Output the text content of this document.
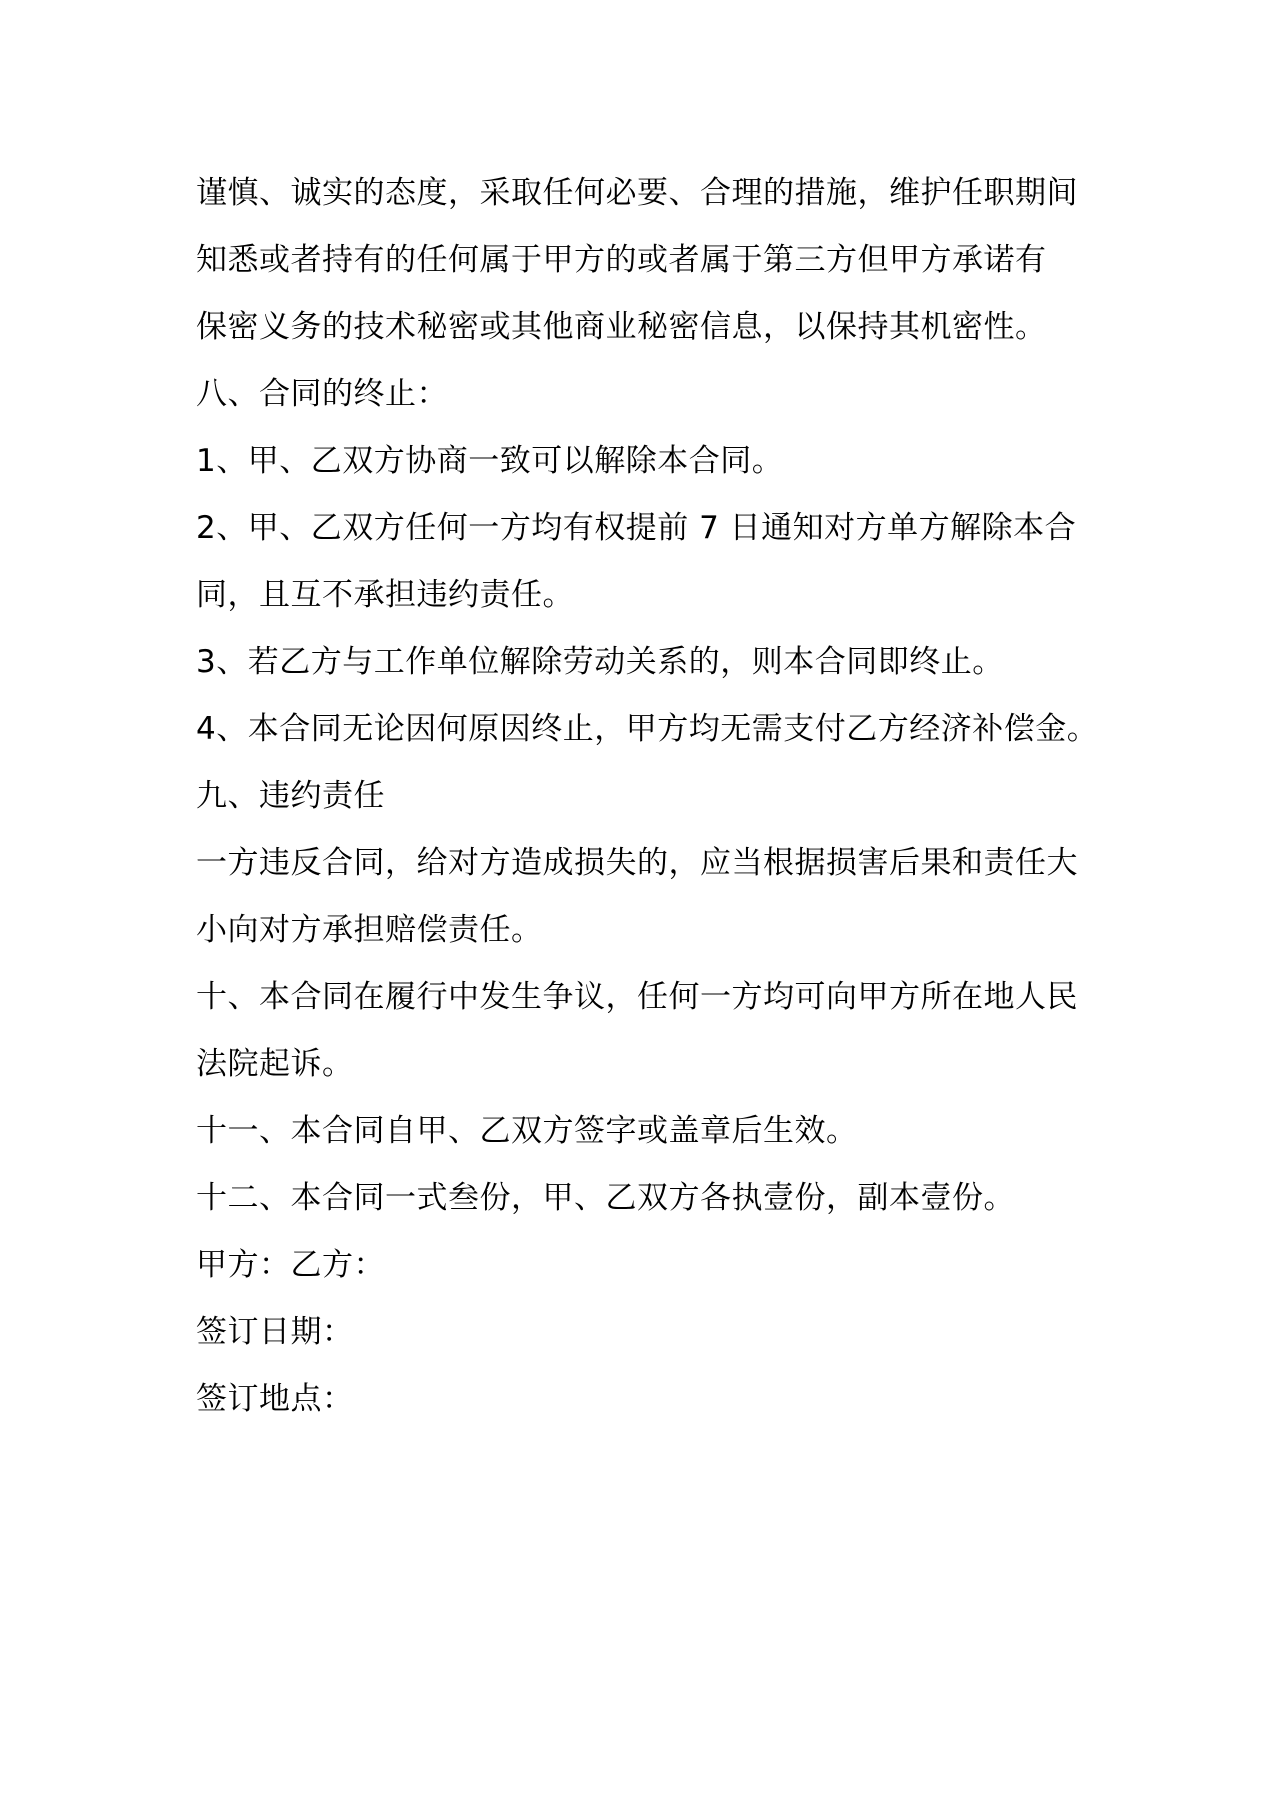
谨慎、诚实的态度，采取任何必要、合理的措施，维护任职期间
知悉或者持有的任何属于甲方的或者属于第三方但甲方承诺有
保密义务的技术秘密或其他商业秘密信息，以保持其机密性。
八、合同的终止：
1、甲、乙双方协商一致可以解除本合同。
2、甲、乙双方任何一方均有权提前 7 日通知对方单方解除本合
同，且互不承担违约责任。
3、若乙方与工作单位解除劳动关系的，则本合同即终止。
4、本合同无论因何原因终止，甲方均无需支付乙方经济补偿金。
九、违约责任
一方违反合同，给对方造成损失的，应当根据损害后果和责任大
小向对方承担赔偿责任。
十、本合同在履行中发生争议，任何一方均可向甲方所在地人民
法院起诉。
十一、本合同自甲、乙双方签字或盖章后生效。
十二、本合同一式叁份，甲、乙双方各执壹份，副本壹份。
甲方：乙方：
签订日期：
签订地点：
